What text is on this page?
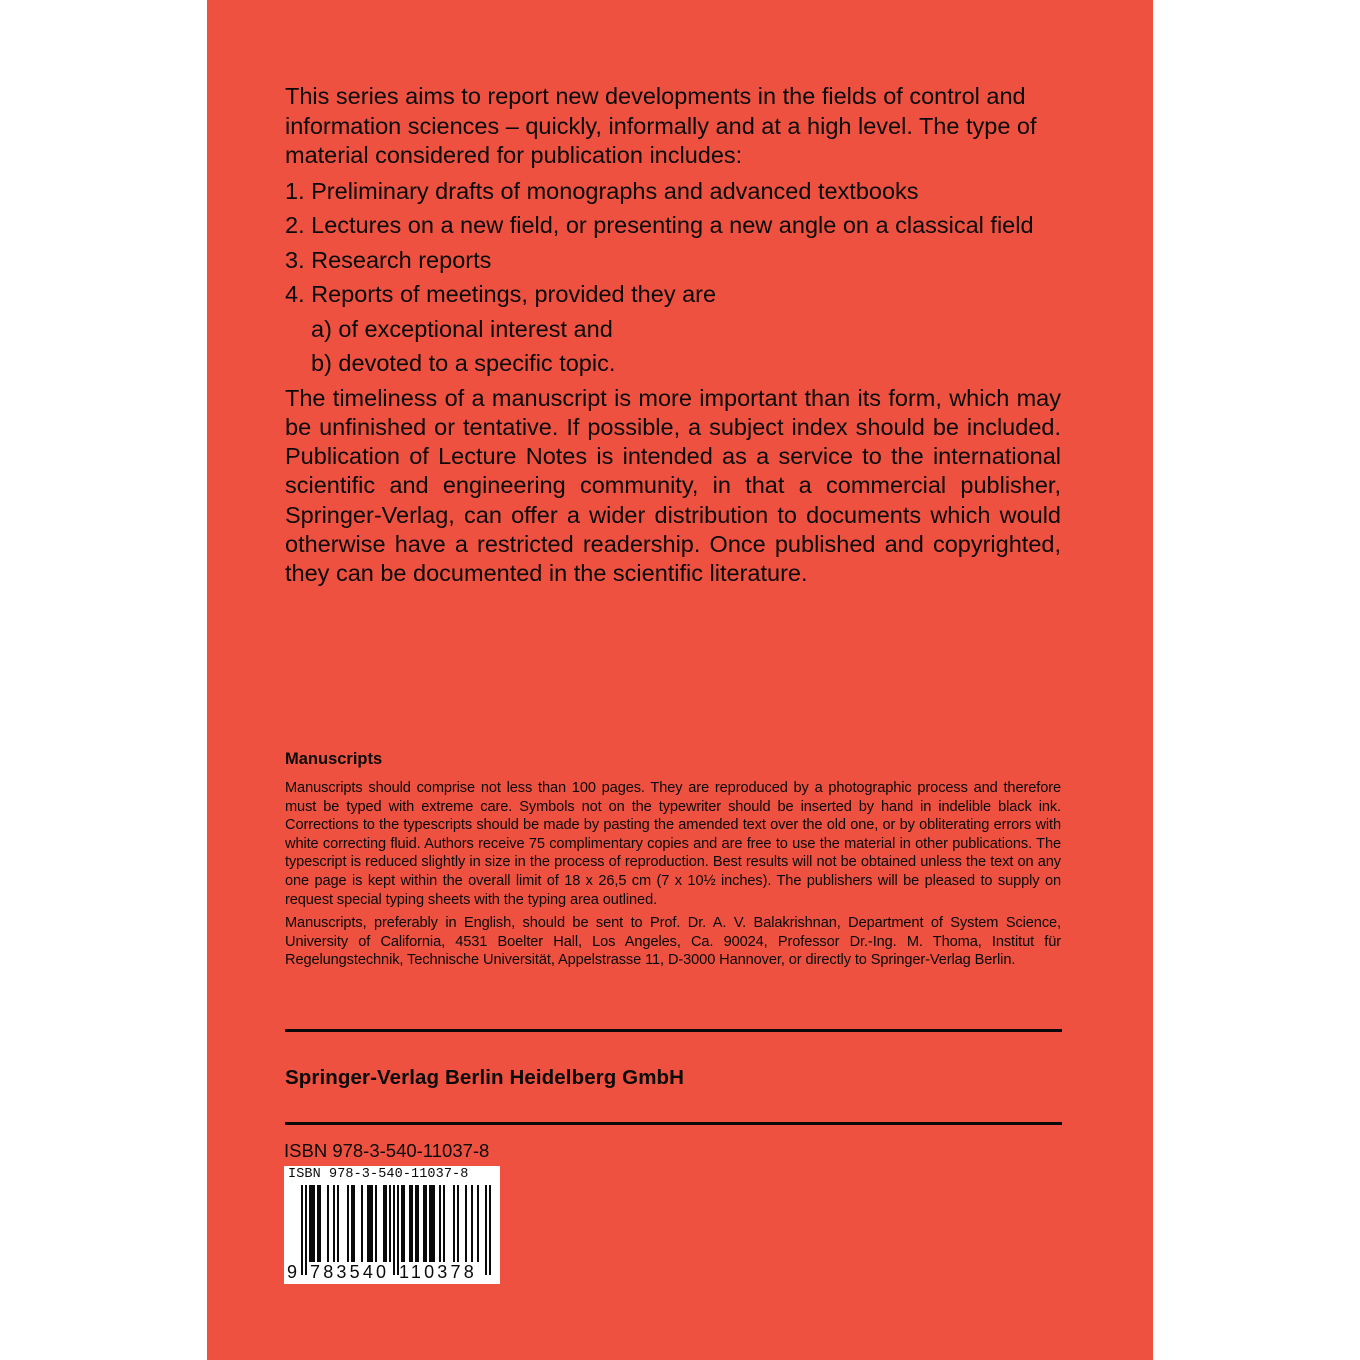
This series aims to report new developments in the fields of control and information sciences – quickly, informally and at a high level. The type of material considered for publication includes:

1. Preliminary drafts of monographs and advanced textbooks
2. Lectures on a new field, or presenting a new angle on a classical field
3. Research reports
4. Reports of meetings, provided they are
a) of exceptional interest and
b) devoted to a specific topic.

The timeliness of a manuscript is more important than its form, which may be unfinished or tentative. If possible, a subject index should be included. Publication of Lecture Notes is intended as a service to the international scientific and engineering community, in that a commercial publisher, Springer-Verlag, can offer a wider distribution to documents which would otherwise have a restricted readership. Once published and copyrighted, they can be documented in the scientific literature.

Manuscripts

Manuscripts should comprise not less than 100 pages. They are reproduced by a photographic process and therefore must be typed with extreme care. Symbols not on the typewriter should be inserted by hand in indelible black ink. Corrections to the typescripts should be made by pasting the amended text over the old one, or by obliterating errors with white correcting fluid. Authors receive 75 complimentary copies and are free to use the material in other publications. The typescript is reduced slightly in size in the process of reproduction. Best results will not be obtained unless the text on any one page is kept within the overall limit of 18 x 26,5 cm (7 x 10½ inches). The publishers will be pleased to supply on request special typing sheets with the typing area outlined.

Manuscripts, preferably in English, should be sent to Prof. Dr. A. V. Balakrishnan, Department of System Science, University of California, 4531 Boelter Hall, Los Angeles, Ca. 90024, Professor Dr.-Ing. M. Thoma, Institut für Regelungstechnik, Technische Universität, Appelstrasse 11, D-3000 Hannover, or directly to Springer-Verlag Berlin.

Springer-Verlag Berlin Heidelberg GmbH
ISBN 978-3-540-11037-8
ISBN 978-3-540-11037-8
9 783540 110378
